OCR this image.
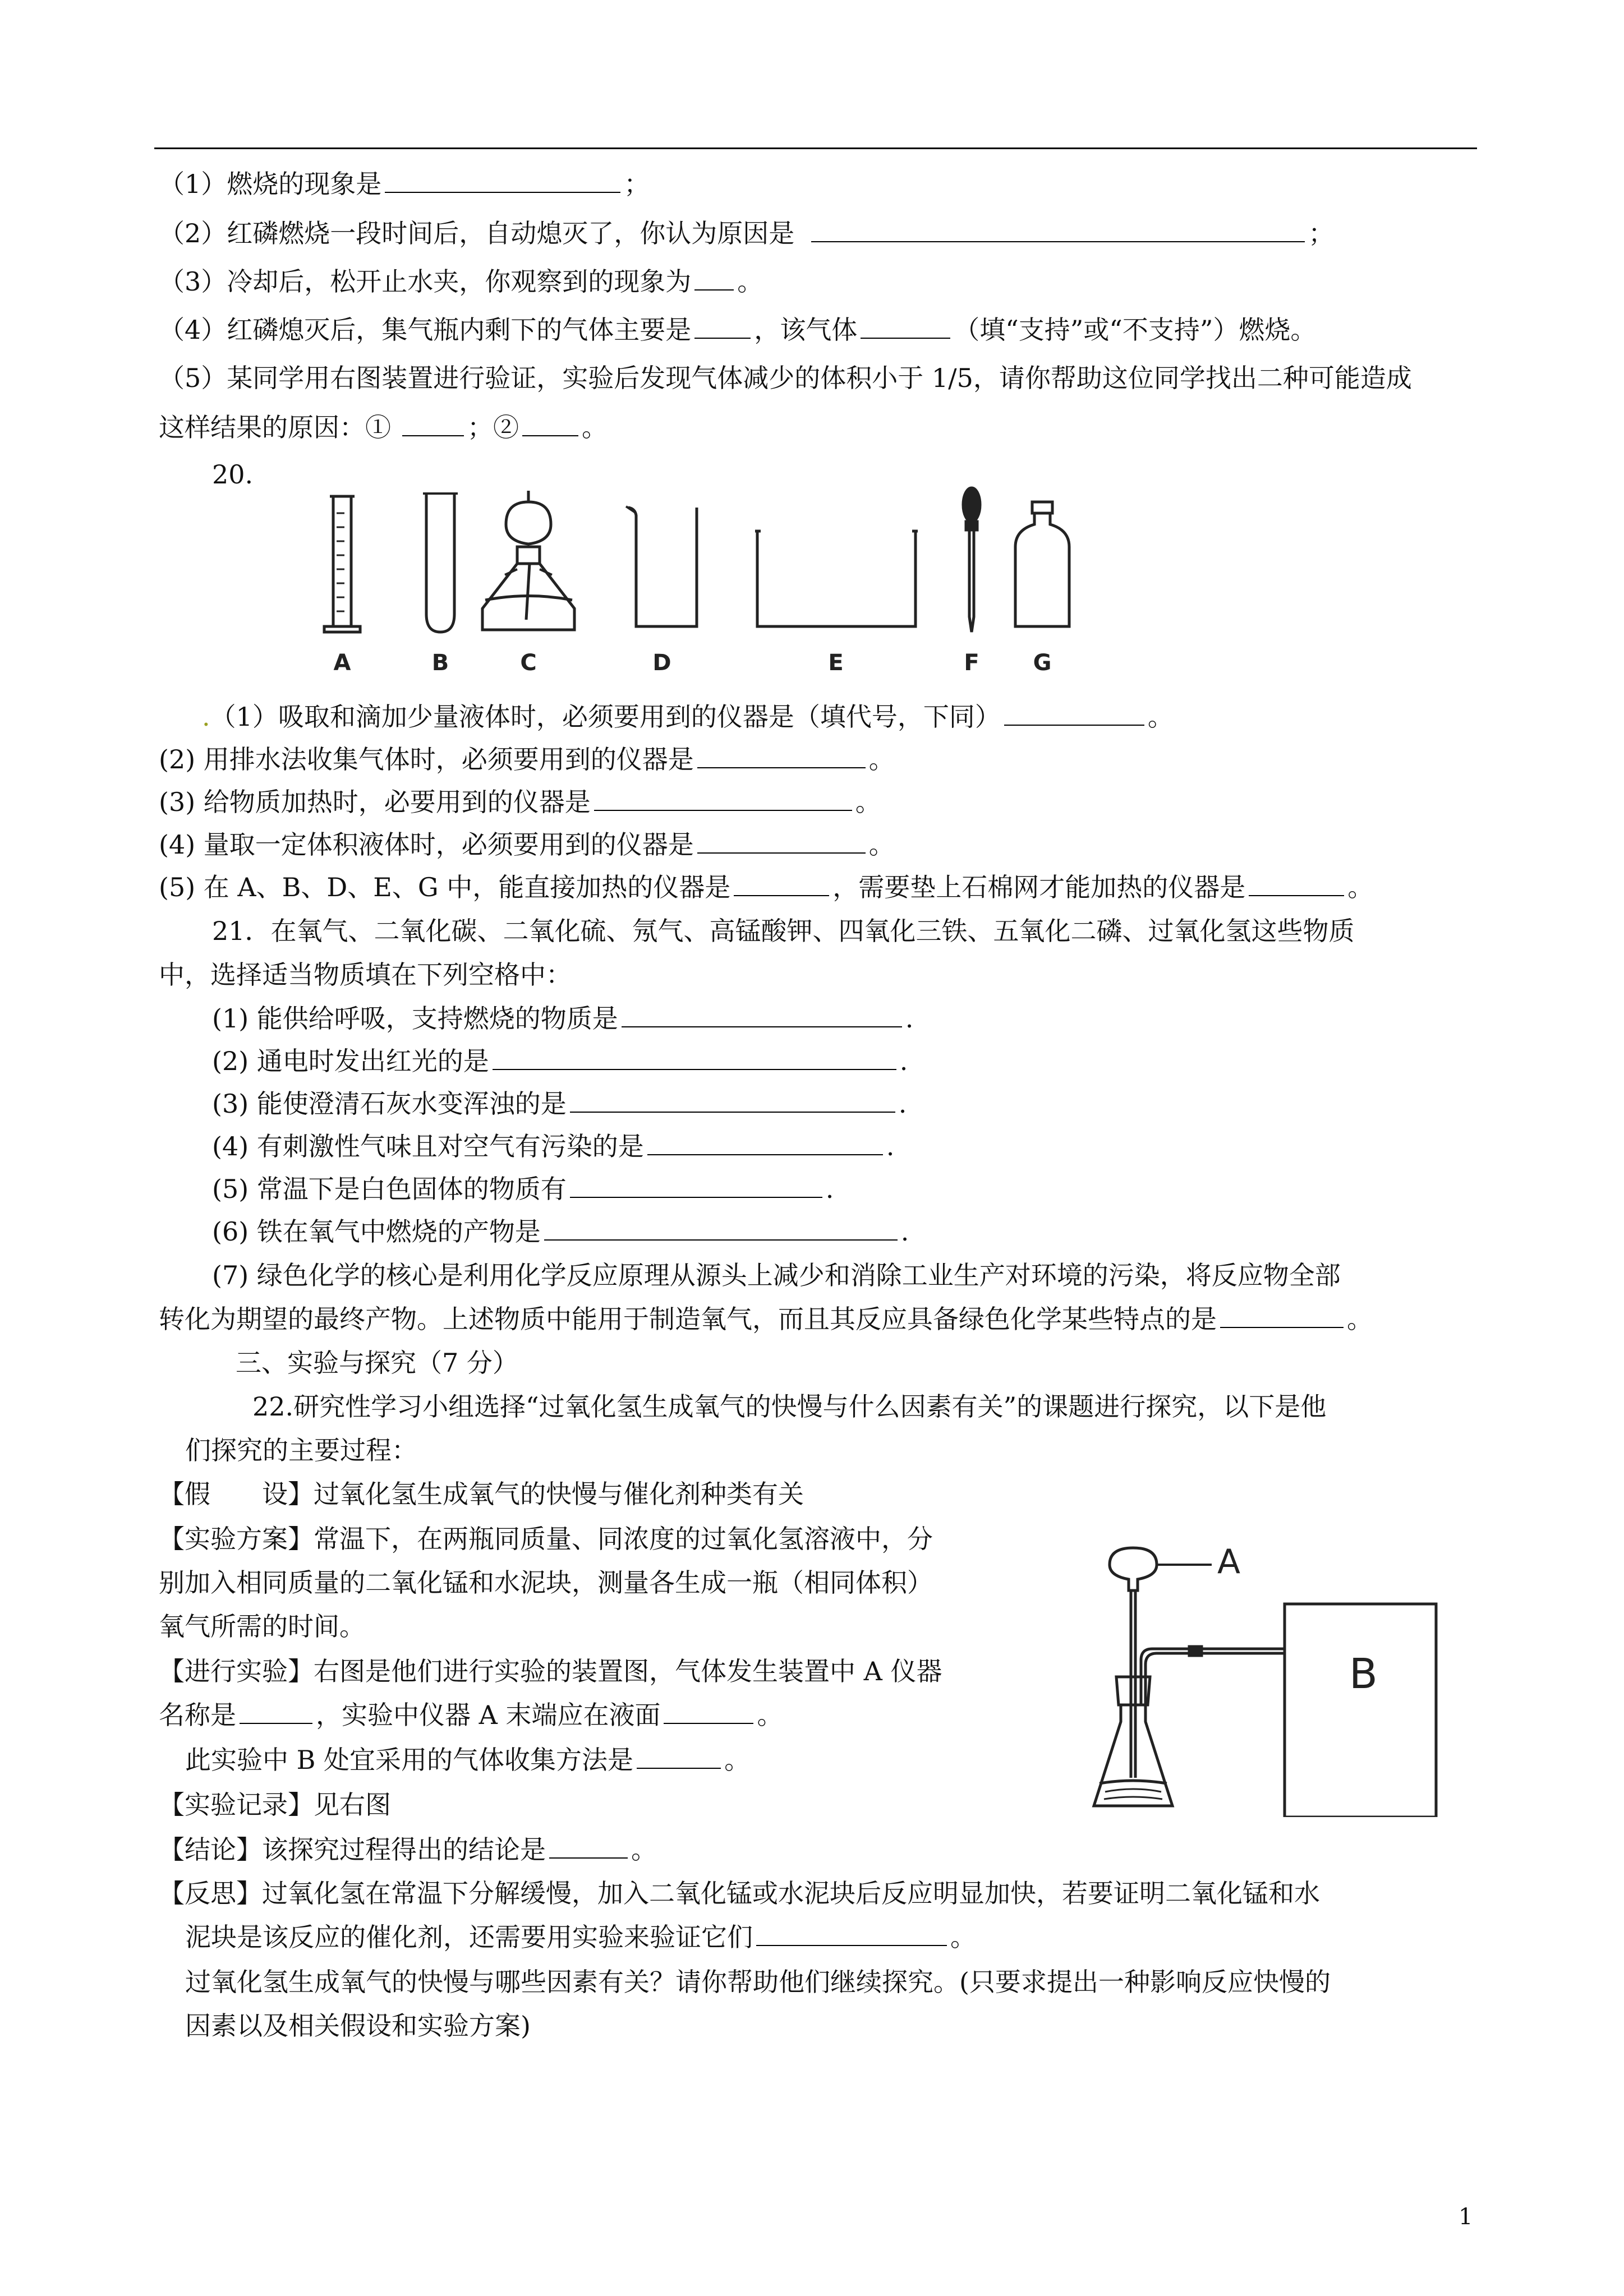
（1）燃烧的现象是	；
（2）红磷燃烧一段时间后，自动熄灭了，你认为原因是	；
（3）冷却后，松开止水夹，你观察到的现象为 。
（4）红磷熄灭后，集气瓶内剩下的气体主要是 ，该气体	（填“支持”或“不支持”）燃烧。
（5）某同学用右图装置进行验证，实验后发现气体减少的体积小于 1/5，请你帮助这位同学找出二种可能造成
这样结果的原因：①	；② 。
20.
A	B	C	D	E	F G
.（1）吸取和滴加少量液体时，必须要用到的仪器是（填代号，下同）	。
(2) 用排水法收集气体时，必须要用到的仪器是	。
(3) 给物质加热时，必要用到的仪器是	。
(4) 量取一定体积液体时，必须要用到的仪器是	。
(5) 在 A、B、D、E、G 中，能直接加热的仪器是	，需要垫上石棉网才能加热的仪器是	。
21．在氧气、二氧化碳、二氧化硫、氖气、高锰酸钾、四氧化三铁、五氧化二磷、过氧化氢这些物质
中，选择适当物质填在下列空格中：
(1) 能供给呼吸，支持燃烧的物质是	.
(2) 通电时发出红光的是	.
(3) 能使澄清石灰水变浑浊的是	.
(4) 有刺激性气味且对空气有污染的是	.
(5) 常温下是白色固体的物质有	.
(6) 铁在氧气中燃烧的产物是	.
(7) 绿色化学的核心是利用化学反应原理从源头上减少和消除工业生产对环境的污染，将反应物全部
转化为期望的最终产物。上述物质中能用于制造氧气，而且其反应具备绿色化学某些特点的是	。
三、实验与探究（7 分）
22.研究性学习小组选择“过氧化氢生成氧气的快慢与什么因素有关”的课题进行探究，以下是他
们探究的主要过程：
【假　　设】过氧化氢生成氧气的快慢与催化剂种类有关
【实验方案】常温下，在两瓶同质量、同浓度的过氧化氢溶液中，分
别加入相同质量的二氧化锰和水泥块，测量各生成一瓶（相同体积）
氧气所需的时间。
【进行实验】右图是他们进行实验的装置图，气体发生装置中 A 仪器
名称是	，实验中仪器 A 末端应在液面	。
此实验中 B 处宜采用的气体收集方法是	。
【实验记录】见右图
【结论】该探究过程得出的结论是	。
【反思】过氧化氢在常温下分解缓慢，加入二氧化锰或水泥块后反应明显加快，若要证明二氧化锰和水
泥块是该反应的催化剂，还需要用实验来验证它们	。
过氧化氢生成氧气的快慢与哪些因素有关？请你帮助他们继续探究。(只要求提出一种影响反应快慢的
因素以及相关假设和实验方案)
A
B
1
